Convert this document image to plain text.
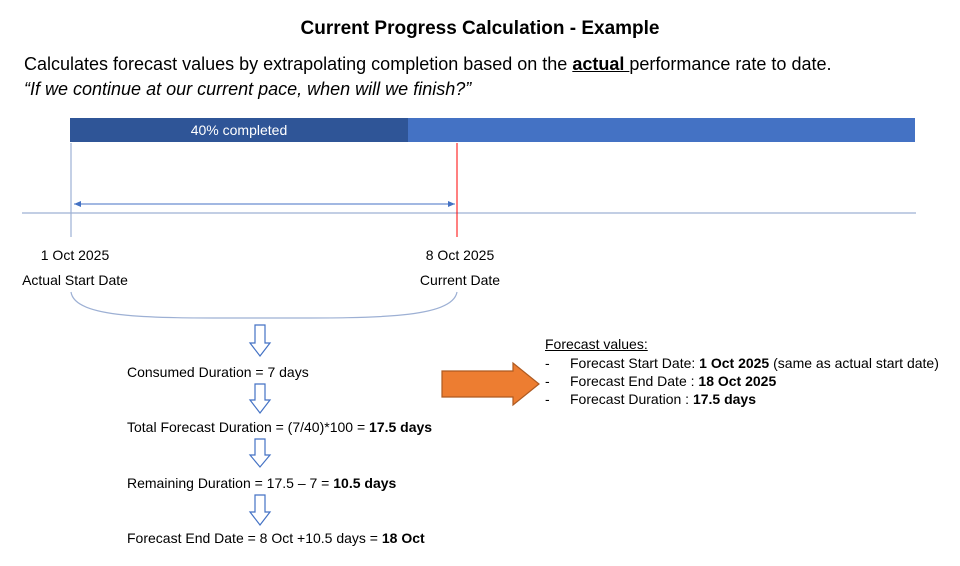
Current Progress Calculation - Example
Calculates forecast values by extrapolating completion based on the actual performance rate to date.
“If we continue at our current pace, when will we finish?”
40% completed
1 Oct 2025
Actual Start Date
8 Oct 2025
Current Date
Consumed Duration = 7 days
Total Forecast Duration = (7/40)*100 = 17.5 days
Remaining Duration = 17.5 – 7 = 10.5 days
Forecast End Date = 8 Oct +10.5 days = 18 Oct
Forecast values:
- Forecast Start Date: 1 Oct 2025 (same as actual start date)
- Forecast End Date : 18 Oct 2025
- Forecast Duration : 17.5 days
